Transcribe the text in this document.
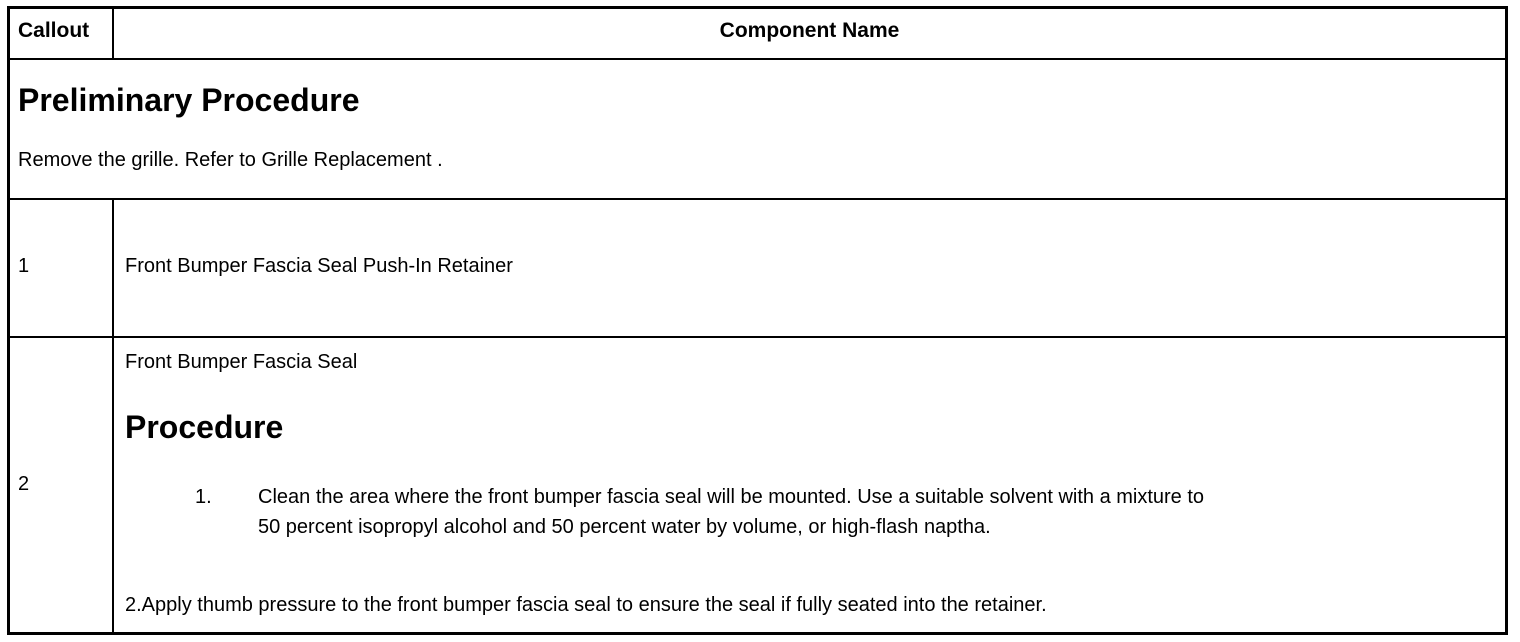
Callout	Component Name
Preliminary Procedure
Remove the grille. Refer to Grille Replacement .
1	Front Bumper Fascia Seal Push-In Retainer
2
Front Bumper Fascia Seal
Procedure
1. Clean the area where the front bumper fascia seal will be mounted. Use a suitable solvent with a mixture to
50 percent isopropyl alcohol and 50 percent water by volume, or high-flash naptha.
2.Apply thumb pressure to the front bumper fascia seal to ensure the seal if fully seated into the retainer.
